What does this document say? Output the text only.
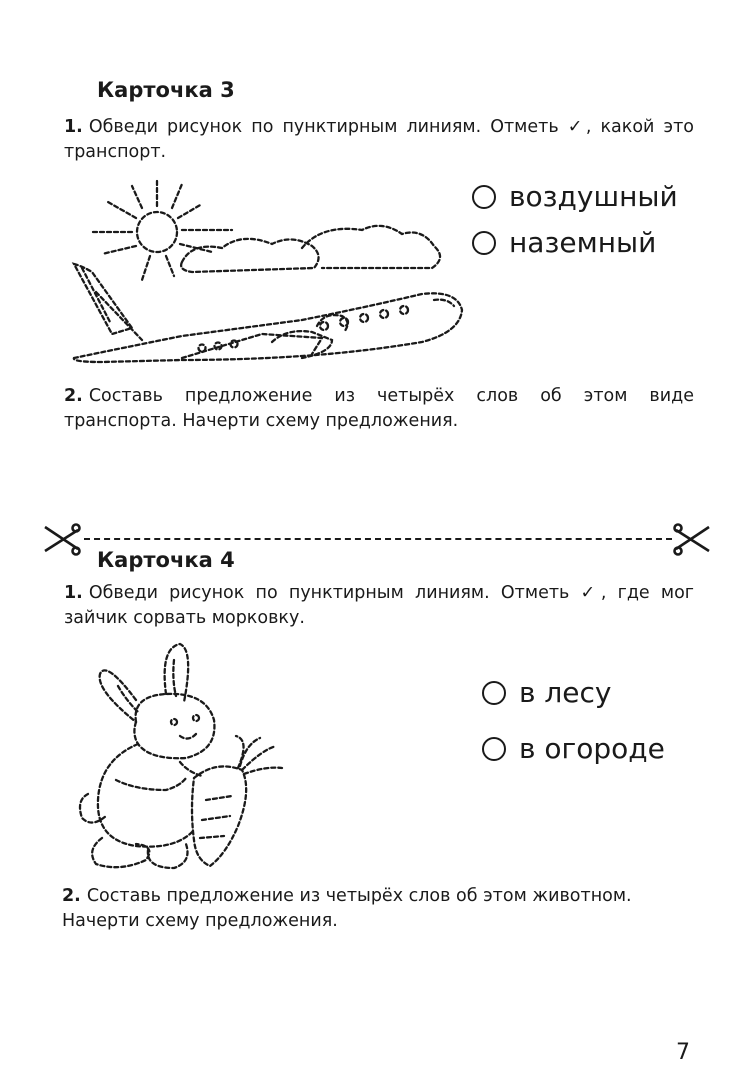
Карточка 3
1. Обведи рисунок по пунктирным линиям. Отметь ✓, какой это транспорт.
воздушный
наземный
2. Составь предложение из четырёх слов об этом виде транспорта. Начерти схему предложения.
Карточка 4
1. Обведи рисунок по пунктирным линиям. Отметь ✓, где мог зайчик сорвать морковку.
в лесу
в огороде
2. Составь предложение из четырёх слов об этом животном. Начерти схему предложения.
7
